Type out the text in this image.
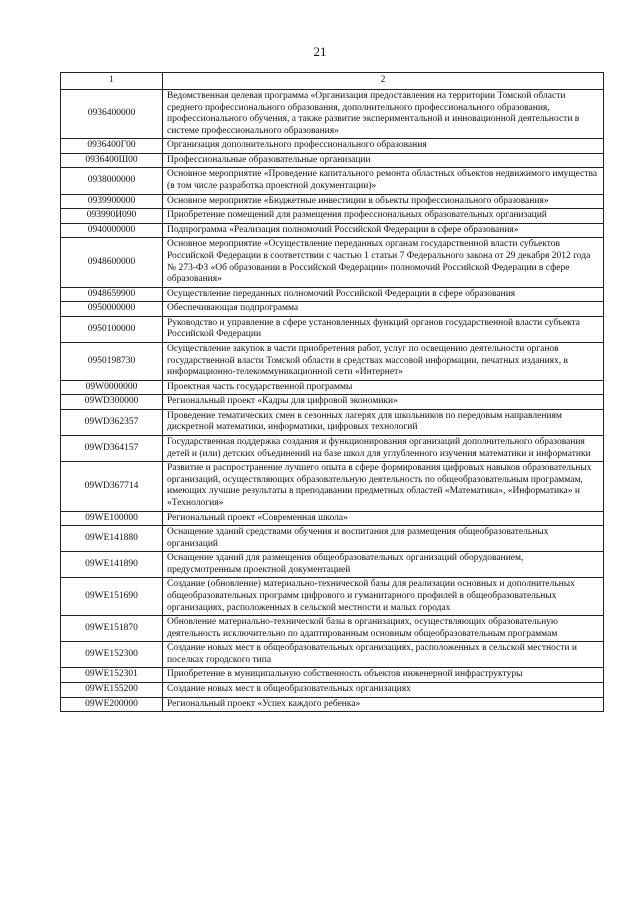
21
1	2
0936400000	Ведомственная целевая программа «Организация предоставления на территории Томской области среднего профессионального образования, дополнительного профессионального образования, профессионального обучения, а также развитие экспериментальной и инновационной деятельности в системе профессионального образования»
0936400Г00	Организация дополнительного профессионального образования
0936400Ш00	Профессиональные образовательные организации
0938000000	Основное мероприятие «Проведение капитального ремонта областных объектов недвижимого имущества (в том числе разработка проектной документации)»
0939900000	Основное мероприятие «Бюджетные инвестиции в объекты профессионального образования»
093990И090	Приобретение помещений для размещения профессиональных образовательных организаций
0940000000	Подпрограмма «Реализация полномочий Российской Федерации в сфере образования»
0948600000	Основное мероприятие «Осуществление переданных органам государственной власти субъектов Российской Федерации в соответствии с частью 1 статьи 7 Федерального закона от 29 декабря 2012 года № 273-ФЗ «Об образовании в Российской Федерации» полномочий Российской Федерации в сфере образования»
0948659900	Осуществление переданных полномочий Российской Федерации в сфере образования
0950000000	Обеспечивающая подпрограмма
0950100000	Руководство и управление в сфере установленных функций органов государственной власти субъекта Российской Федерации
0950198730	Осуществление закупок в части приобретения работ, услуг по освещению деятельности органов государственной власти Томской области в средствах массовой информации, печатных изданиях, в информационно-телекоммуникационной сети «Интернет»
09W0000000	Проектная часть государственной программы
09WD300000	Региональный проект «Кадры для цифровой экономики»
09WD362357	Проведение тематических смен в сезонных лагерях для школьников по передовым направлениям дискретной математики, информатики, цифровых технологий
09WD364157	Государственная поддержка создания и функционирования организаций дополнительного образования детей и (или) детских объединений на базе школ для углубленного изучения математики и информатики
09WD367714	Развитие и распространение лучшего опыта в сфере формирования цифровых навыков образовательных организаций, осуществляющих образовательную деятельность по общеобразовательным программам, имеющих лучшие результаты в преподавании предметных областей «Математика», «Информатика» и «Технология»
09WE100000	Региональный проект «Современная школа»
09WE141880	Оснащение зданий средствами обучения и воспитания для размещения общеобразовательных организаций
09WE141890	Оснащение зданий для размещения общеобразовательных организаций оборудованием, предусмотренным проектной документацией
09WE151690	Создание (обновление) материально-технической базы для реализации основных и дополнительных общеобразовательных программ цифрового и гуманитарного профилей в общеобразовательных организациях, расположенных в сельской местности и малых городах
09WE151870	Обновление материально-технической базы в организациях, осуществляющих образовательную деятельность исключительно по адаптированным основным общеобразовательным программам
09WE152300	Создание новых мест в общеобразовательных организациях, расположенных в сельской местности и поселках городского типа
09WE152301	Приобретение в муниципальную собственность объектов инженерной инфраструктуры
09WE155200	Создание новых мест в общеобразовательных организациях
09WE200000	Региональный проект «Успех каждого ребенка»
